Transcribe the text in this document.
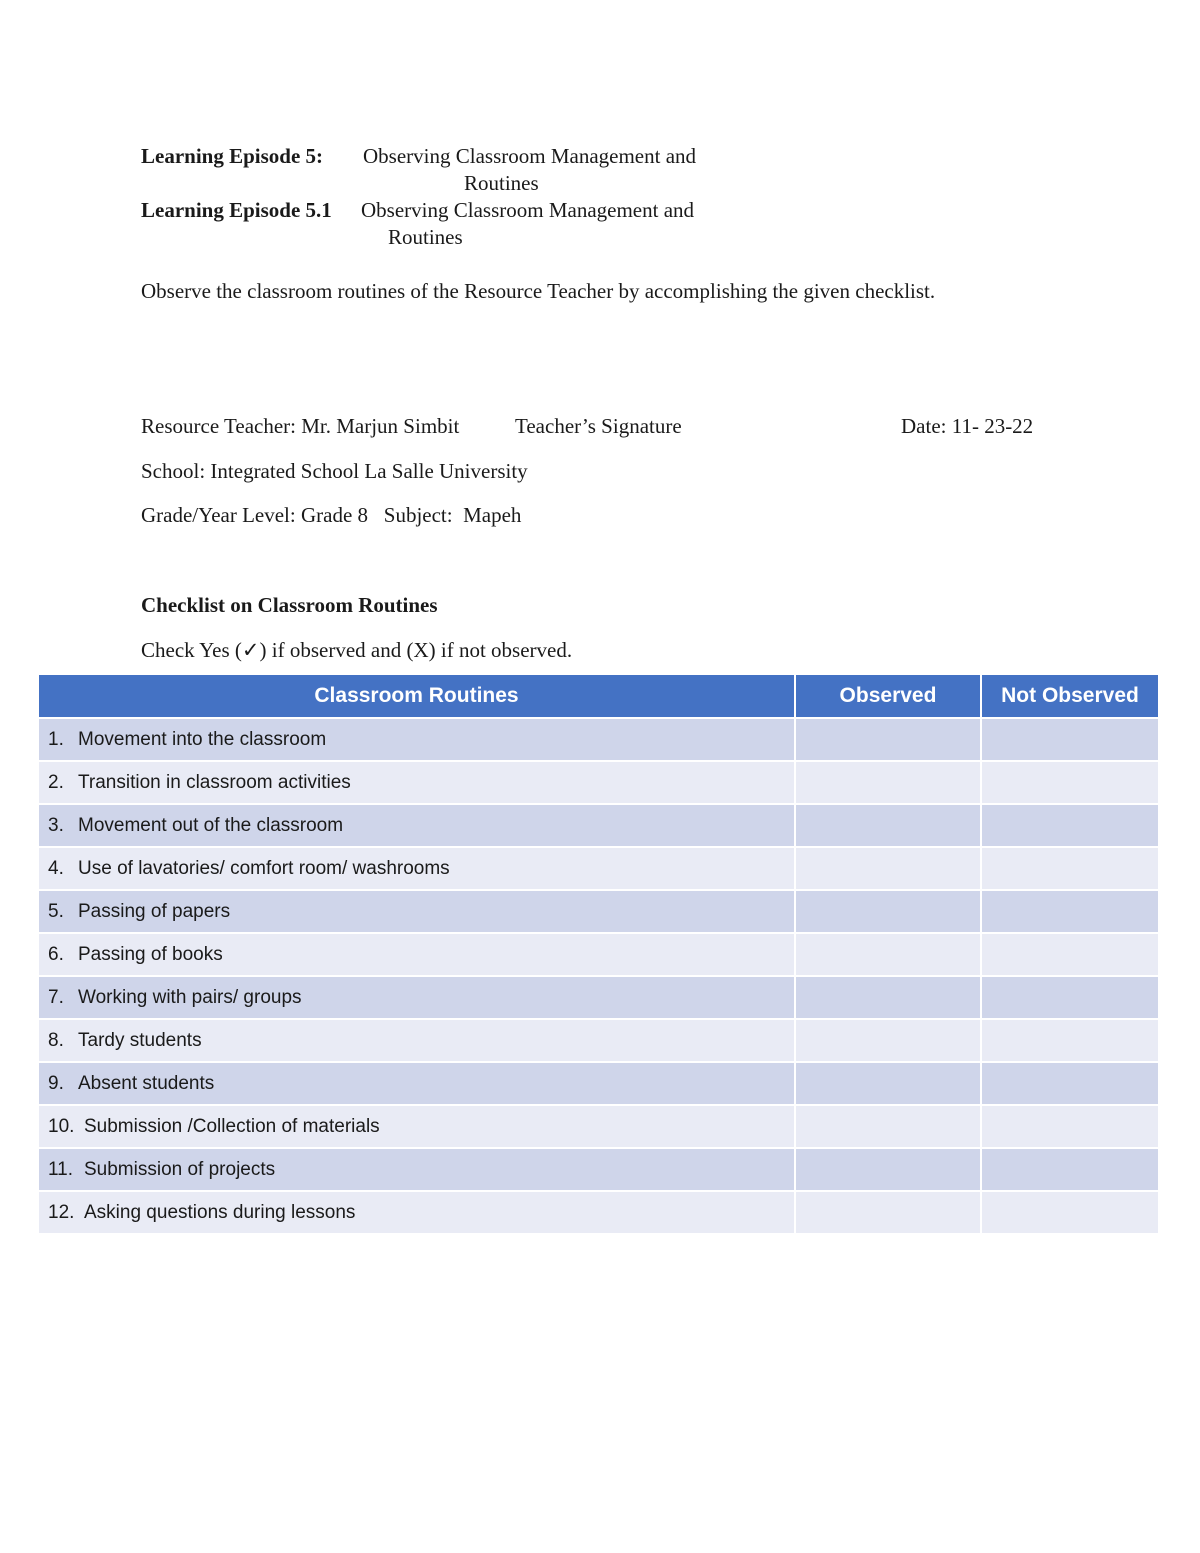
Learning Episode 5: Observing Classroom Management and
Routines
Learning Episode 5.1 Observing Classroom Management and
Routines
Observe the classroom routines of the Resource Teacher by accomplishing the given checklist.
Resource Teacher: Mr. Marjun Simbit	Teacher’s Signature	Date: 11- 23-22
School: Integrated School La Salle University
Grade/Year Level: Grade 8   Subject:  Mapeh
Checklist on Classroom Routines
Check Yes (✓) if observed and (X) if not observed.
Classroom Routines	Observed	Not Observed
1. Movement into the classroom		
2. Transition in classroom activities		
3. Movement out of the classroom		
4. Use of lavatories/ comfort room/ washrooms		
5. Passing of papers		
6. Passing of books		
7. Working with pairs/ groups		
8. Tardy students		
9. Absent students		
10. Submission /Collection of materials		
11. Submission of projects		
12. Asking questions during lessons		
